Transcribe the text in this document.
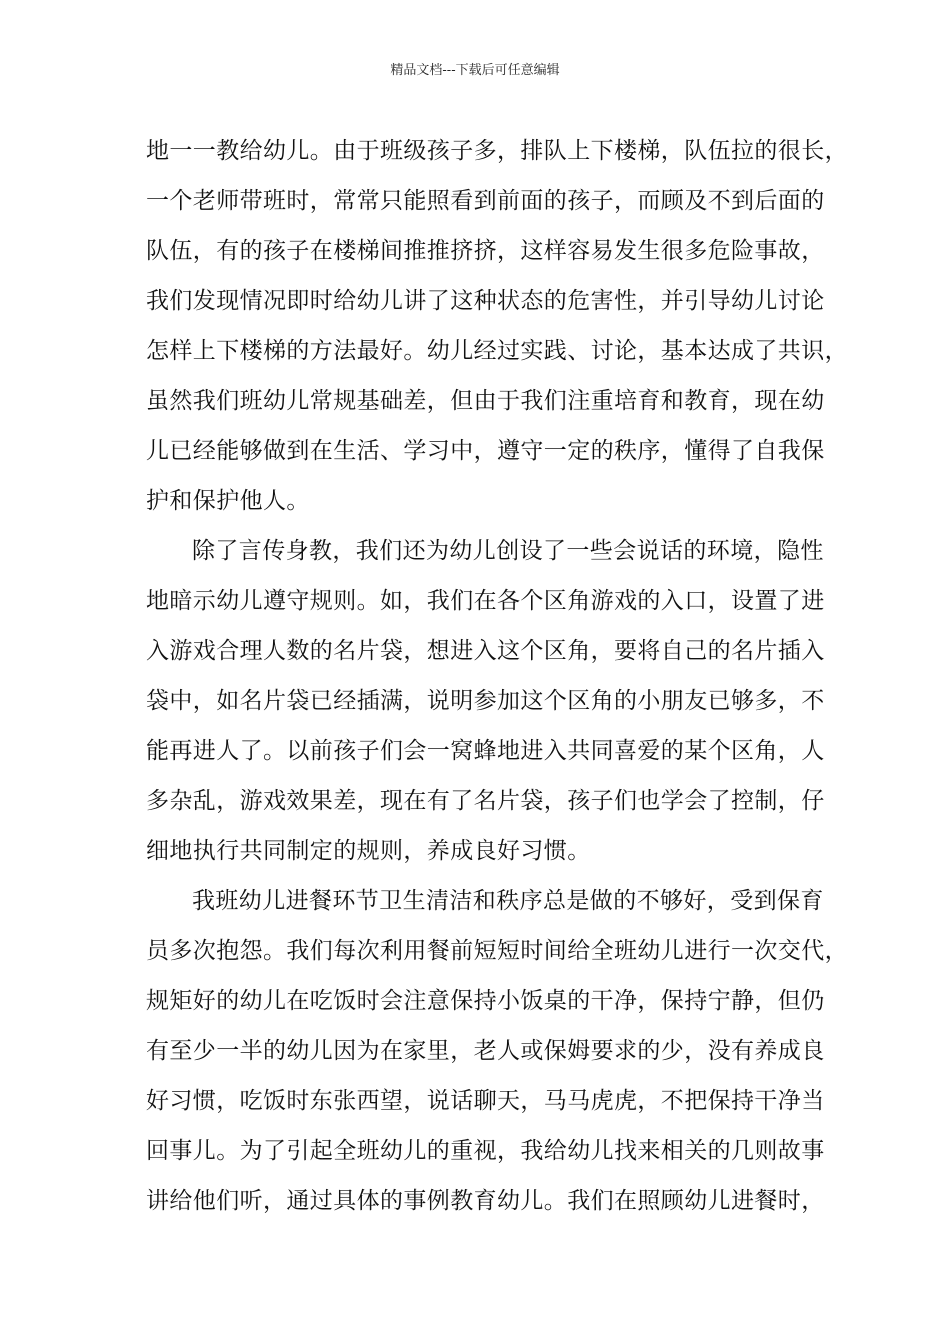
精品文档---下载后可任意编辑
地一一教给幼儿。由于班级孩子多，排队上下楼梯，队伍拉的很长，
一个老师带班时，常常只能照看到前面的孩子，而顾及不到后面的
队伍，有的孩子在楼梯间推推挤挤，这样容易发生很多危险事故，
我们发现情况即时给幼儿讲了这种状态的危害性，并引导幼儿讨论
怎样上下楼梯的方法最好。幼儿经过实践、讨论，基本达成了共识，
虽然我们班幼儿常规基础差，但由于我们注重培育和教育，现在幼
儿已经能够做到在生活、学习中，遵守一定的秩序，懂得了自我保
护和保护他人。
除了言传身教，我们还为幼儿创设了一些会说话的环境，隐性
地暗示幼儿遵守规则。如，我们在各个区角游戏的入口，设置了进
入游戏合理人数的名片袋，想进入这个区角，要将自己的名片插入
袋中，如名片袋已经插满，说明参加这个区角的小朋友已够多，不
能再进人了。以前孩子们会一窝蜂地进入共同喜爱的某个区角，人
多杂乱，游戏效果差，现在有了名片袋，孩子们也学会了控制，仔
细地执行共同制定的规则，养成良好习惯。
我班幼儿进餐环节卫生清洁和秩序总是做的不够好，受到保育
员多次抱怨。我们每次利用餐前短短时间给全班幼儿进行一次交代，
规矩好的幼儿在吃饭时会注意保持小饭桌的干净，保持宁静，但仍
有至少一半的幼儿因为在家里，老人或保姆要求的少，没有养成良
好习惯，吃饭时东张西望，说话聊天，马马虎虎，不把保持干净当
回事儿。为了引起全班幼儿的重视，我给幼儿找来相关的几则故事
讲给他们听，通过具体的事例教育幼儿。我们在照顾幼儿进餐时，
